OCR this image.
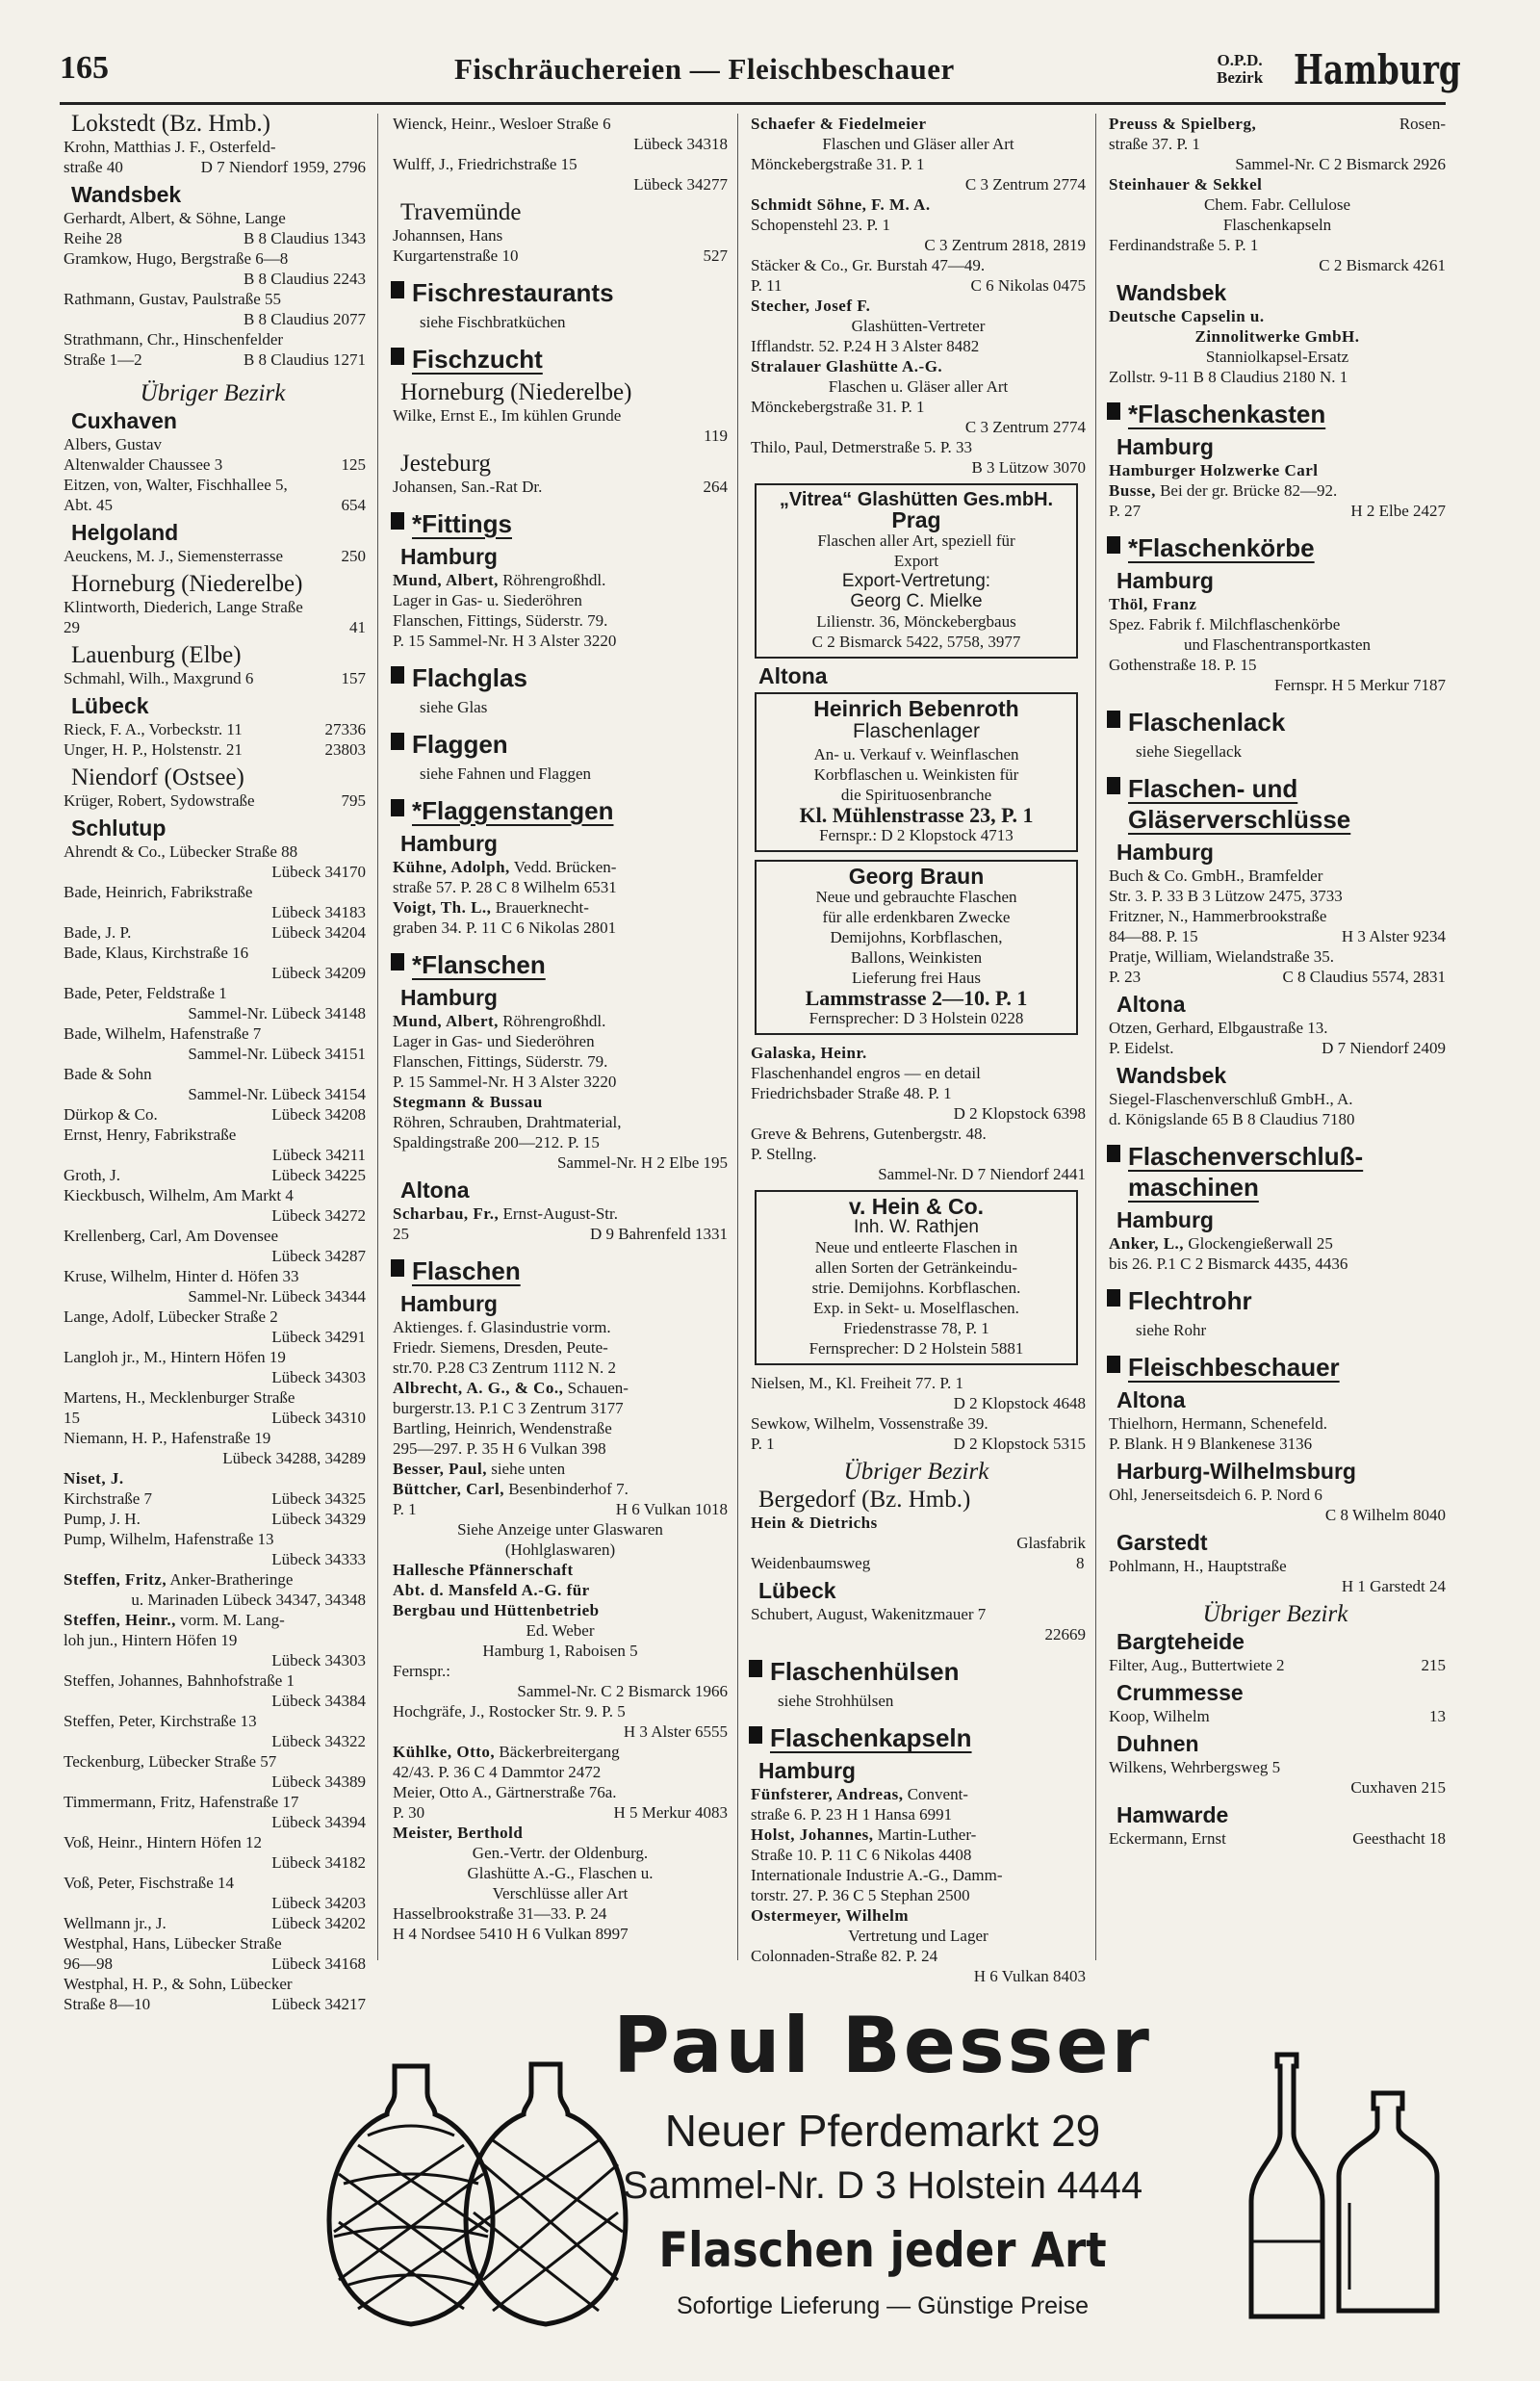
165	Fischräuchereien — Fleischbeschauer	O.P.D.
Bezirk Hamburg
Lokstedt (Bz. Hmb.)
Krohn, Matthias J. F., Osterfeld-
straße 40	D 7 Niendorf 1959, 2796
Wandsbek
Gerhardt, Albert, & Söhne, Lange
Reihe 28	B 8 Claudius 1343
Gramkow, Hugo, Bergstraße 6—8
B 8 Claudius 2243
Rathmann, Gustav, Paulstraße 55
B 8 Claudius 2077
Strathmann, Chr., Hinschenfelder
Straße 1—2	B 8 Claudius 1271
Übriger Bezirk
Cuxhaven
Albers, Gustav
Altenwalder Chaussee 3	125
Eitzen, von, Walter, Fischhallee 5,
Abt. 45	654
Helgoland
Aeuckens, M. J., Siemensterrasse	250
Horneburg (Niederelbe)
Klintworth, Diederich, Lange Straße
29	41
Lauenburg (Elbe)
Schmahl, Wilh., Maxgrund 6	157
Lübeck
Rieck, F. A., Vorbeckstr. 11	27336
Unger, H. P., Holstenstr. 21	23803
Niendorf (Ostsee)
Krüger, Robert, Sydowstraße	795
Schlutup
Ahrendt & Co., Lübecker Straße 88
Lübeck 34170
Bade, Heinrich, Fabrikstraße
Lübeck 34183
Bade, J. P.	Lübeck 34204
Bade, Klaus, Kirchstraße 16
Lübeck 34209
Bade, Peter, Feldstraße 1
Sammel-Nr. Lübeck 34148
Bade, Wilhelm, Hafenstraße 7
Sammel-Nr. Lübeck 34151
Bade & Sohn
Sammel-Nr. Lübeck 34154
Dürkop & Co.	Lübeck 34208
Ernst, Henry, Fabrikstraße
Lübeck 34211
Groth, J.	Lübeck 34225
Kieckbusch, Wilhelm, Am Markt 4
Lübeck 34272
Krellenberg, Carl, Am Dovensee
Lübeck 34287
Kruse, Wilhelm, Hinter d. Höfen 33
Sammel-Nr. Lübeck 34344
Lange, Adolf, Lübecker Straße 2
Lübeck 34291
Langloh jr., M., Hintern Höfen 19
Lübeck 34303
Martens, H., Mecklenburger Straße
15	Lübeck 34310
Niemann, H. P., Hafenstraße 19
Lübeck 34288, 34289
Niset, J.
Kirchstraße 7	Lübeck 34325
Pump, J. H.	Lübeck 34329
Pump, Wilhelm, Hafenstraße 13
Lübeck 34333
Steffen, Fritz, Anker-Bratheringe
u. Marinaden Lübeck 34347, 34348
Steffen, Heinr., vorm. M. Lang-
loh jun., Hintern Höfen 19
Lübeck 34303
Steffen, Johannes, Bahnhofstraße 1
Lübeck 34384
Steffen, Peter, Kirchstraße 13
Lübeck 34322
Teckenburg, Lübecker Straße 57
Lübeck 34389
Timmermann, Fritz, Hafenstraße 17
Lübeck 34394
Voß, Heinr., Hintern Höfen 12
Lübeck 34182
Voß, Peter, Fischstraße 14
Lübeck 34203
Wellmann jr., J.	Lübeck 34202
Westphal, Hans, Lübecker Straße
96—98	Lübeck 34168
Westphal, H. P., & Sohn, Lübecker
Straße 8—10	Lübeck 34217
Wienck, Heinr., Wesloer Straße 6
Lübeck 34318
Wulff, J., Friedrichstraße 15
Lübeck 34277
Travemünde
Johannsen, Hans
Kurgartenstraße 10	527
Fischrestaurants
siehe Fischbratküchen
Fischzucht
Horneburg (Niederelbe)
Wilke, Ernst E., Im kühlen Grunde
119
Jesteburg
Johansen, San.-Rat Dr.	264
*Fittings
Hamburg
Mund, Albert, Röhrengroßhdl.
Lager in Gas- u. Siederöhren
Flanschen, Fittings, Süderstr. 79.
P. 15 Sammel-Nr. H 3 Alster 3220
Flachglas
siehe Glas
Flaggen
siehe Fahnen und Flaggen
*Flaggenstangen
Hamburg
Kühne, Adolph, Vedd. Brücken-
straße 57. P. 28 C 8 Wilhelm 6531
Voigt, Th. L., Brauerknecht-
graben 34. P. 11 C 6 Nikolas 2801
*Flanschen
Hamburg
Mund, Albert, Röhrengroßhdl.
Lager in Gas- und Siederöhren
Flanschen, Fittings, Süderstr. 79.
P. 15 Sammel-Nr. H 3 Alster 3220
Stegmann & Bussau
Röhren, Schrauben, Drahtmaterial,
Spaldingstraße 200—212. P. 15
Sammel-Nr. H 2 Elbe 195
Altona
Scharbau, Fr., Ernst-August-Str.
25	D 9 Bahrenfeld 1331
Flaschen
Hamburg
Aktienges. f. Glasindustrie vorm.
Friedr. Siemens, Dresden, Peute-
str.70. P.28 C3 Zentrum 1112 N. 2
Albrecht, A. G., & Co., Schauen-
burgerstr.13. P.1 C 3 Zentrum 3177
Bartling, Heinrich, Wendenstraße
295—297. P. 35 H 6 Vulkan 398
Besser, Paul, siehe unten
Büttcher, Carl, Besenbinderhof 7.
P. 1	H 6 Vulkan 1018
Siehe Anzeige unter Glaswaren
(Hohlglaswaren)
Hallesche Pfännerschaft
Abt. d. Mansfeld A.-G. für
Bergbau und Hüttenbetrieb
Ed. Weber
Hamburg 1, Raboisen 5
Fernspr.:
Sammel-Nr. C 2 Bismarck 1966
Hochgräfe, J., Rostocker Str. 9. P. 5
H 3 Alster 6555
Kühlke, Otto, Bäckerbreitergang
42/43. P. 36 C 4 Dammtor 2472
Meier, Otto A., Gärtnerstraße 76a.
P. 30	H 5 Merkur 4083
Meister, Berthold
Gen.-Vertr. der Oldenburg.
Glashütte A.-G., Flaschen u.
Verschlüsse aller Art
Hasselbrookstraße 31—33. P. 24
H 4 Nordsee 5410 H 6 Vulkan 8997
Schaefer & Fiedelmeier
Flaschen und Gläser aller Art
Mönckebergstraße 31. P. 1
C 3 Zentrum 2774
Schmidt Söhne, F. M. A.
Schopenstehl 23. P. 1
C 3 Zentrum 2818, 2819
Stäcker & Co., Gr. Burstah 47—49.
P. 11	C 6 Nikolas 0475
Stecher, Josef F.
Glashütten-Vertreter
Ifflandstr. 52. P.24 H 3 Alster 8482
Stralauer Glashütte A.-G.
Flaschen u. Gläser aller Art
Mönckebergstraße 31. P. 1
C 3 Zentrum 2774
Thilo, Paul, Detmerstraße 5. P. 33
B 3 Lützow 3070
„Vitrea“ Glashütten Ges.mbH.
Prag
Flaschen aller Art, speziell für
Export
Export-Vertretung:
Georg C. Mielke
Lilienstr. 36, Mönckebergbaus
C 2 Bismarck 5422, 5758, 3977
Altona
Heinrich Bebenroth
Flaschenlager
An- u. Verkauf v. Weinflaschen
Korbflaschen u. Weinkisten für
die Spirituosenbranche
Kl. Mühlenstrasse 23, P. 1
Fernspr.: D 2 Klopstock 4713
Georg Braun
Neue und gebrauchte Flaschen
für alle erdenkbaren Zwecke
Demijohns, Korbflaschen,
Ballons, Weinkisten
Lieferung frei Haus
Lammstrasse 2—10. P. 1
Fernsprecher: D 3 Holstein 0228
Galaska, Heinr.
Flaschenhandel engros — en detail
Friedrichsbader Straße 48. P. 1
D 2 Klopstock 6398
Greve & Behrens, Gutenbergstr. 48.
P. Stellng.
Sammel-Nr. D 7 Niendorf 2441
v. Hein & Co.
Inh. W. Rathjen
Neue und entleerte Flaschen in
allen Sorten der Getränkeindu-
strie. Demijohns. Korbflaschen.
Exp. in Sekt- u. Moselflaschen.
Friedenstrasse 78, P. 1
Fernsprecher: D 2 Holstein 5881
Nielsen, M., Kl. Freiheit 77. P. 1
D 2 Klopstock 4648
Sewkow, Wilhelm, Vossenstraße 39.
P. 1	D 2 Klopstock 5315
Übriger Bezirk
Bergedorf (Bz. Hmb.)
Hein & Dietrichs
Glasfabrik
Weidenbaumsweg	8
Lübeck
Schubert, August, Wakenitzmauer 7
22669
Flaschenhülsen
siehe Strohhülsen
Flaschenkapseln
Hamburg
Fünfsterer, Andreas, Convent-
straße 6. P. 23 H 1 Hansa 6991
Holst, Johannes, Martin-Luther-
Straße 10. P. 11 C 6 Nikolas 4408
Internationale Industrie A.-G., Damm-
torstr. 27. P. 36 C 5 Stephan 2500
Ostermeyer, Wilhelm
Vertretung und Lager
Colonnaden-Straße 82. P. 24
H 6 Vulkan 8403
Preuss & Spielberg,	Rosen-
straße 37. P. 1
Sammel-Nr. C 2 Bismarck 2926
Steinhauer & Sekkel
Chem. Fabr. Cellulose
Flaschenkapseln
Ferdinandstraße 5. P. 1
C 2 Bismarck 4261
Wandsbek
Deutsche Capselin u.
Zinnolitwerke GmbH.
Stanniolkapsel-Ersatz
Zollstr. 9-11 B 8 Claudius 2180 N. 1
*Flaschenkasten
Hamburg
Hamburger Holzwerke Carl
Busse, Bei der gr. Brücke 82—92.
P. 27	H 2 Elbe 2427
*Flaschenkörbe
Hamburg
Thöl, Franz
Spez. Fabrik f. Milchflaschenkörbe
und Flaschentransportkasten
Gothenstraße 18. P. 15
Fernspr. H 5 Merkur 7187
Flaschenlack
siehe Siegellack
Flaschen- und
Gläserverschlüsse
Hamburg
Buch & Co. GmbH., Bramfelder
Str. 3. P. 33 B 3 Lützow 2475, 3733
Fritzner, N., Hammerbrookstraße
84—88. P. 15	H 3 Alster 9234
Pratje, William, Wielandstraße 35.
P. 23	C 8 Claudius 5574, 2831
Altona
Otzen, Gerhard, Elbgaustraße 13.
P. Eidelst.	D 7 Niendorf 2409
Wandsbek
Siegel-Flaschenverschluß GmbH., A.
d. Königslande 65 B 8 Claudius 7180
Flaschenverschluß-
maschinen
Hamburg
Anker, L., Glockengießerwall 25
bis 26. P.1 C 2 Bismarck 4435, 4436
Flechtrohr
siehe Rohr
Fleischbeschauer
Altona
Thielhorn, Hermann, Schenefeld.
P. Blank. H 9 Blankenese 3136
Harburg-Wilhelmsburg
Ohl, Jenerseitsdeich 6. P. Nord 6
C 8 Wilhelm 8040
Garstedt
Pohlmann, H., Hauptstraße
H 1 Garstedt 24
Übriger Bezirk
Bargteheide
Filter, Aug., Buttertwiete 2	215
Crummesse
Koop, Wilhelm	13
Duhnen
Wilkens, Wehrbergsweg 5
Cuxhaven 215
Hamwarde
Eckermann, Ernst	Geesthacht 18
Paul Besser
Neuer Pferdemarkt 29
Sammel-Nr. D 3 Holstein 4444
Flaschen jeder Art
Sofortige Lieferung — Günstige Preise
